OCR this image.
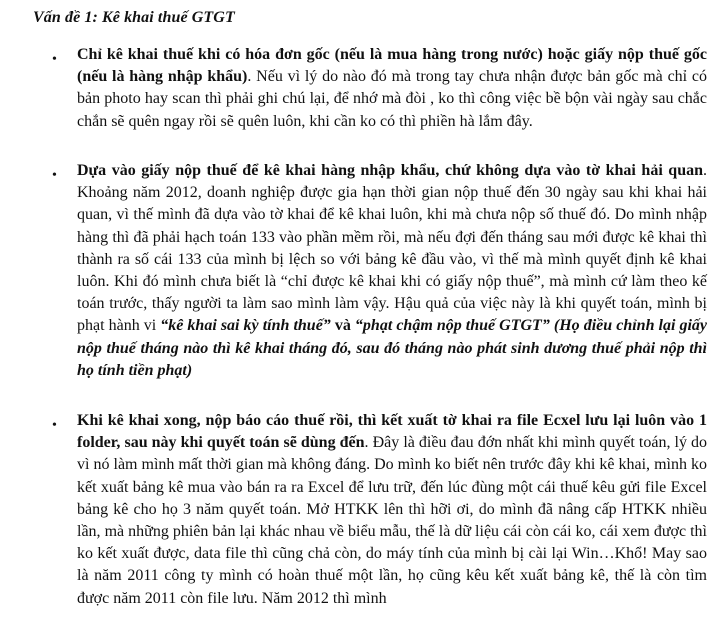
Vấn đề 1: Kê khai thuế GTGT
• Chỉ kê khai thuế khi có hóa đơn gốc (nếu là mua hàng trong nước) hoặc giấy nộp thuế gốc (nếu là hàng nhập khẩu). Nếu vì lý do nào đó mà trong tay chưa nhận được bản gốc mà chỉ có bản photo hay scan thì phải ghi chú lại, để nhớ mà đòi , ko thì công việc bề bộn vài ngày sau chắc chắn sẽ quên ngay rồi sẽ quên luôn, khi cần ko có thì phiền hà lắm đây.
• Dựa vào giấy nộp thuế để kê khai hàng nhập khẩu, chứ không dựa vào tờ khai hải quan. Khoảng năm 2012, doanh nghiệp được gia hạn thời gian nộp thuế đến 30 ngày sau khi khai hải quan, vì thế mình đã dựa vào tờ khai để kê khai luôn, khi mà chưa nộp số thuế đó. Do mình nhập hàng thì đã phải hạch toán 133 vào phần mềm rồi, mà nếu đợi đến tháng sau mới được kê khai thì thành ra số cái 133 của mình bị lệch so với bảng kê đầu vào, vì thế mà mình quyết định kê khai luôn. Khi đó mình chưa biết là “chỉ được kê khai khi có giấy nộp thuế”, mà mình cứ làm theo kế toán trước, thấy người ta làm sao mình làm vậy. Hậu quả của việc này là khi quyết toán, mình bị phạt hành vi “kê khai sai kỳ tính thuế” và “phạt chậm nộp thuế GTGT” (Họ điều chỉnh lại giấy nộp thuế tháng nào thì kê khai tháng đó, sau đó tháng nào phát sinh dương thuế phải nộp thì họ tính tiền phạt)
• Khi kê khai xong, nộp báo cáo thuế rồi, thì kết xuất tờ khai ra file Ecxel lưu lại luôn vào 1 folder, sau này khi quyết toán sẽ dùng đến. Đây là điều đau đớn nhất khi mình quyết toán, lý do vì nó làm mình mất thời gian mà không đáng. Do mình ko biết nên trước đây khi kê khai, mình ko kết xuất bảng kê mua vào bán ra ra Excel để lưu trữ, đến lúc đùng một cái thuế kêu gửi file Excel bảng kê cho họ 3 năm quyết toán. Mở HTKK lên thì hỡi ơi, do mình đã nâng cấp HTKK nhiều lần, mà những phiên bản lại khác nhau về biểu mẫu, thế là dữ liệu cái còn cái ko, cái xem được thì ko kết xuất được, data file thì cũng chả còn, do máy tính của mình bị cài lại Win…Khổ! May sao là năm 2011 công ty mình có hoàn thuế một lần, họ cũng kêu kết xuất bảng kê, thế là còn tìm được năm 2011 còn file lưu. Năm 2012 thì mình
